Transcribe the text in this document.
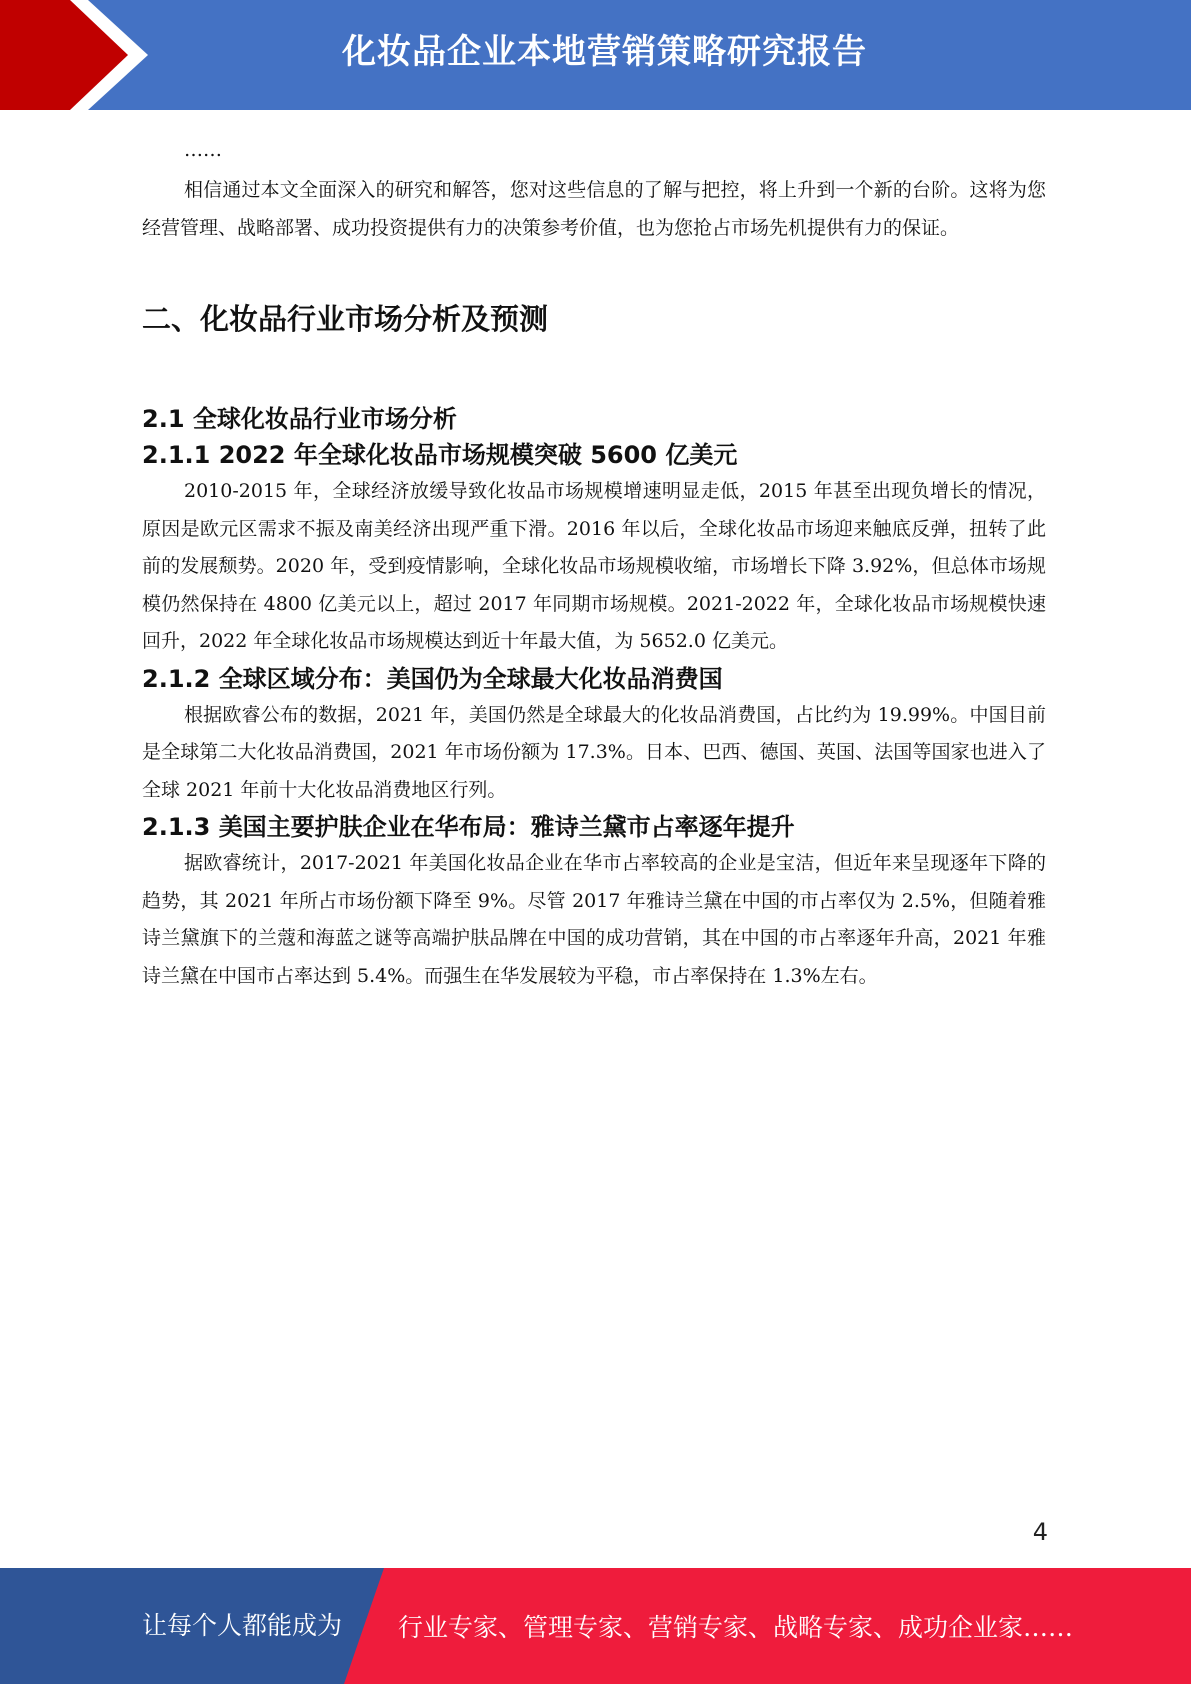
化妆品企业本地营销策略研究报告
……

相信通过本文全面深入的研究和解答，您对这些信息的了解与把控，将上升到一个新的台阶。这将为您经营管理、战略部署、成功投资提供有力的决策参考价值，也为您抢占市场先机提供有力的保证。

二、化妆品行业市场分析及预测
2.1 全球化妆品行业市场分析
2.1.1 2022 年全球化妆品市场规模突破 5600 亿美元

2010-2015 年，全球经济放缓导致化妆品市场规模增速明显走低，2015 年甚至出现负增长的情况，原因是欧元区需求不振及南美经济出现严重下滑。2016 年以后，全球化妆品市场迎来触底反弹，扭转了此前的发展颓势。2020 年，受到疫情影响，全球化妆品市场规模收缩，市场增长下降 3.92%，但总体市场规模仍然保持在 4800 亿美元以上，超过 2017 年同期市场规模。2021-2022 年，全球化妆品市场规模快速回升，2022 年全球化妆品市场规模达到近十年最大值，为 5652.0 亿美元。

2.1.2 全球区域分布：美国仍为全球最大化妆品消费国

根据欧睿公布的数据，2021 年，美国仍然是全球最大的化妆品消费国，占比约为 19.99%。中国目前是全球第二大化妆品消费国，2021 年市场份额为 17.3%。日本、巴西、德国、英国、法国等国家也进入了全球 2021 年前十大化妆品消费地区行列。

2.1.3 美国主要护肤企业在华布局：雅诗兰黛市占率逐年提升

据欧睿统计，2017-2021 年美国化妆品企业在华市占率较高的企业是宝洁，但近年来呈现逐年下降的趋势，其 2021 年所占市场份额下降至 9%。尽管 2017 年雅诗兰黛在中国的市占率仅为 2.5%，但随着雅诗兰黛旗下的兰蔻和海蓝之谜等高端护肤品牌在中国的成功营销，其在中国的市占率逐年升高，2021 年雅诗兰黛在中国市占率达到 5.4%。而强生在华发展较为平稳，市占率保持在 1.3%左右。

4
让每个人都能成为 行业专家、管理专家、营销专家、战略专家、成功企业家……
